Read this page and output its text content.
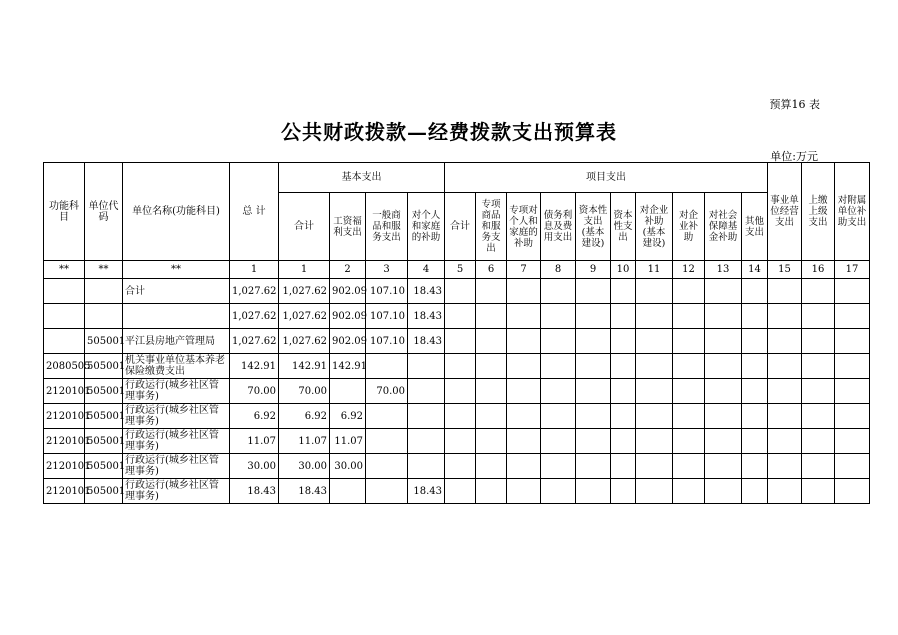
预算16 表
公共财政拨款—经费拨款支出预算表
单位:万元
功能科目	单位代码	单位名称(功能科目)	总 计	基本支出				项目支出										事业单位经营支出	上缴上级支出	对附属单位补助支出
				合计	工资福利支出	一般商品和服务支出	对个人和家庭的补助	合计	专项商品和服务支出	专项对个人和家庭的补助	债务利息及费用支出	资本性支出(基本建设)	资本性支出	对企业补助(基本建设)	对企业补助	对社会保障基金补助	其他支出			
**	**	**	1	1	2	3	4	5	6	7	8	9	10	11	12	13	14	15	16	17
		合计	1,027.62	1,027.62	902.09	107.10	18.43													
			1,027.62	1,027.62	902.09	107.10	18.43													
	505001	平江县房地产管理局	1,027.62	1,027.62	902.09	107.10	18.43													
2080505	505001	机关事业单位基本养老保险缴费支出	142.91	142.91	142.91															
2120101	505001	行政运行(城乡社区管理事务)	70.00	70.00		70.00														
2120101	505001	行政运行(城乡社区管理事务)	6.92	6.92	6.92															
2120101	505001	行政运行(城乡社区管理事务)	11.07	11.07	11.07															
2120101	505001	行政运行(城乡社区管理事务)	30.00	30.00	30.00															
2120101	505001	行政运行(城乡社区管理事务)	18.43	18.43			18.43													
